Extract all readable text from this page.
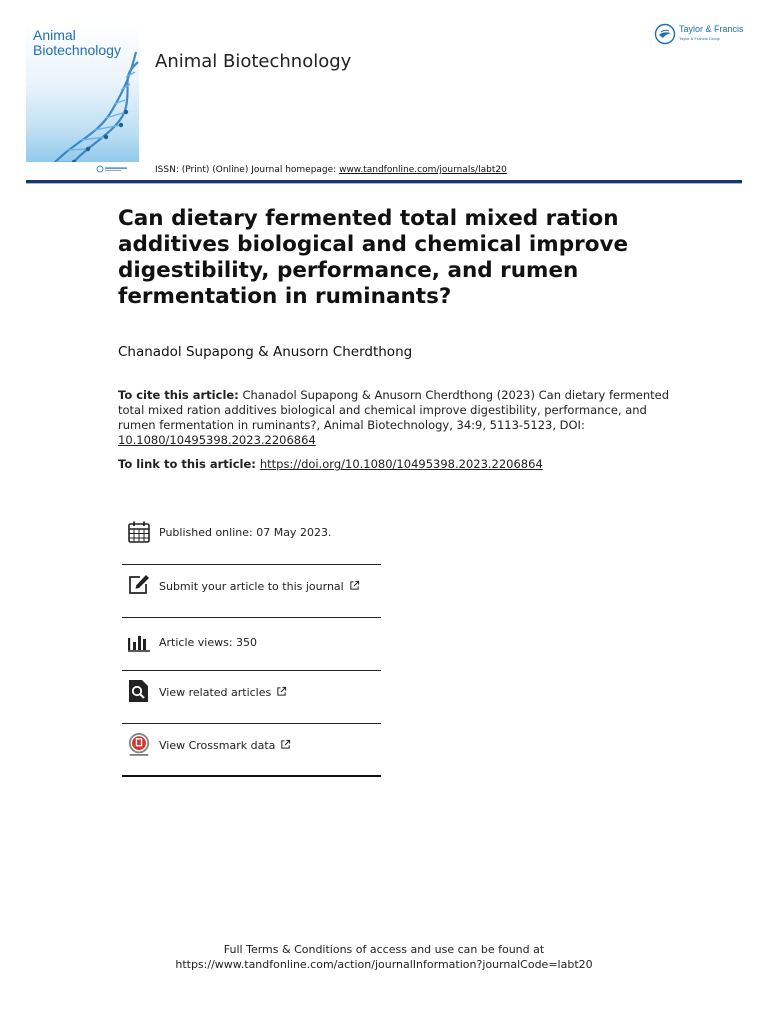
Animal
Biotechnology
Animal Biotechnology
Taylor & Francis
Taylor & Francis Group
ISSN: (Print) (Online) Journal homepage: www.tandfonline.com/journals/labt20
Can dietary fermented total mixed ration additives biological and chemical improve digestibility, performance, and rumen fermentation in ruminants?
Chanadol Supapong & Anusorn Cherdthong
To cite this article: Chanadol Supapong & Anusorn Cherdthong (2023) Can dietary fermented total mixed ration additives biological and chemical improve digestibility, performance, and rumen fermentation in ruminants?, Animal Biotechnology, 34:9, 5113-5123, DOI: 10.1080/10495398.2023.2206864
To link to this article: https://doi.org/10.1080/10495398.2023.2206864
Published online: 07 May 2023.
Submit your article to this journal
Article views: 350
View related articles
View Crossmark data
Full Terms & Conditions of access and use can be found at
https://www.tandfonline.com/action/journalInformation?journalCode=labt20
